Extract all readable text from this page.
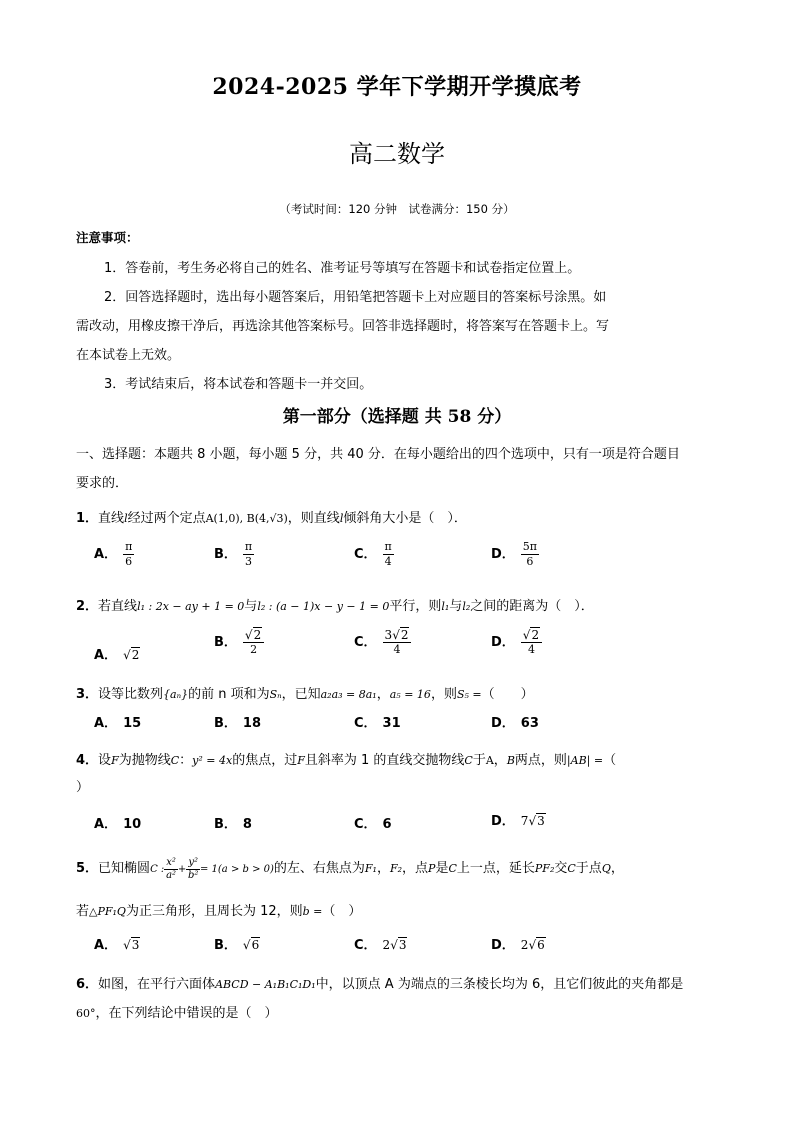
2024-2025 学年下学期开学摸底考
高二数学
（考试时间：120 分钟　试卷满分：150 分）
注意事项：
1．答卷前，考生务必将自己的姓名、准考证号等填写在答题卡和试卷指定位置上。
2．回答选择题时，选出每小题答案后，用铅笔把答题卡上对应题目的答案标号涂黑。如
需改动，用橡皮擦干净后，再选涂其他答案标号。回答非选择题时，将答案写在答题卡上。写
在本试卷上无效。
3．考试结束后，将本试卷和答题卡一并交回。
第一部分（选择题 共 58 分）
一、选择题：本题共 8 小题，每小题 5 分，共 40 分．在每小题给出的四个选项中，只有一项是符合题目
要求的．
1．直线l经过两个定点A(1,0), B(4,√3)，则直线l倾斜角大小是（　）．
A． $\frac{\pi}{6}$	B． $\frac{\pi}{3}$	C． $\frac{\pi}{4}$	D． $\frac{5\pi}{6}$
2．若直线l₁ : 2x − ay + 1 = 0与l₂ : (a − 1)x − y − 1 = 0平行，则l₁与l₂之间的距离为（　）．
A． √2
B． $\frac{√2}{2}$	C． $\frac{3√2}{4}$	D． $\frac{√2}{4}$
3．设等比数列{aₙ}的前 n 项和为Sₙ，已知a₂a₃ = 8a₁，a₅ = 16，则S₅ =（　　）
A． 15	B． 18	C． 31	D． 63
4．设F为抛物线C：y² = 4x的焦点，过F且斜率为 1 的直线交抛物线C于A，B两点，则|AB| =（
）
A． 10	B． 8	C． 6	D． 7√3
5．已知椭圆C : $\frac{\text{x²}}{\text{a²}} + \frac{\text{y²}}{\text{b²}} = 1(a > b > 0)$的左、右焦点为F₁，F₂，点P是C上一点，延长PF₂交C于点Q，
若△PF₁Q为正三角形，且周长为 12，则b =（　）
A． √3	B． √6	C． 2√3	D． 2√6
6．如图，在平行六面体ABCD − A₁B₁C₁D₁中，以顶点 A 为端点的三条棱长均为 6，且它们彼此的夹角都是
60°，在下列结论中错误的是（　）
